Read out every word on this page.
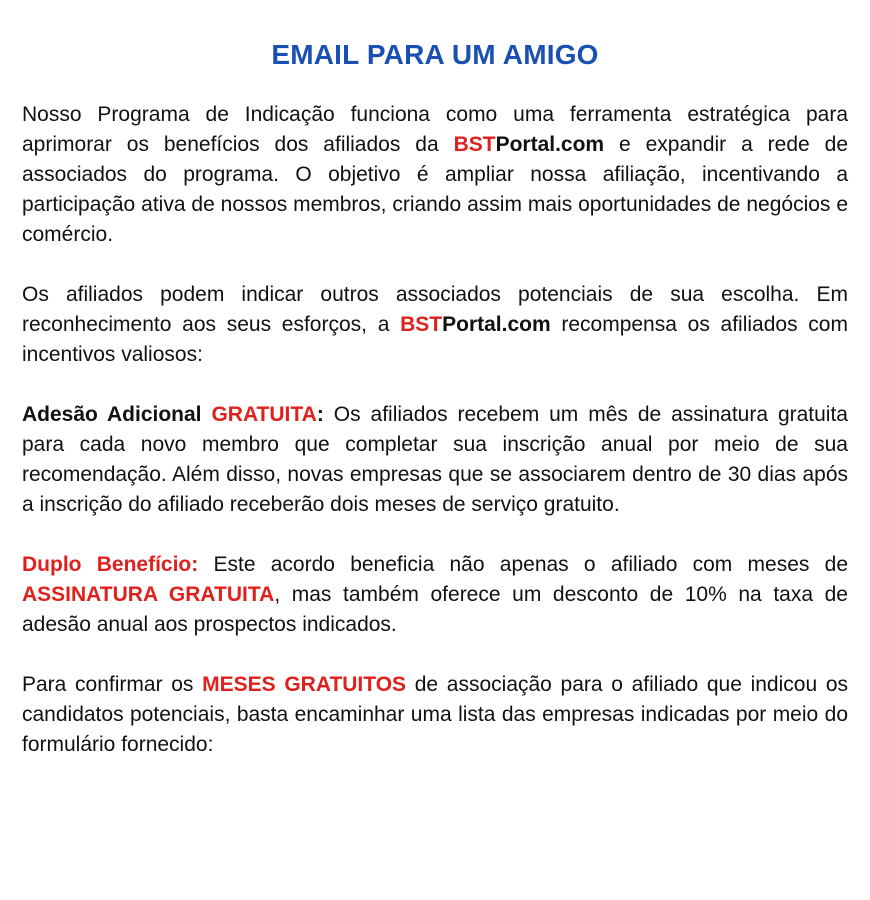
EMAIL PARA UM AMIGO

Nosso Programa de Indicação funciona como uma ferramenta estratégica para aprimorar os benefícios dos afiliados da BSTPortal.com e expandir a rede de associados do programa. O objetivo é ampliar nossa afiliação, incentivando a participação ativa de nossos membros, criando assim mais oportunidades de negócios e comércio.

Os afiliados podem indicar outros associados potenciais de sua escolha. Em reconhecimento aos seus esforços, a BSTPortal.com recompensa os afiliados com incentivos valiosos:

Adesão Adicional GRATUITA: Os afiliados recebem um mês de assinatura gratuita para cada novo membro que completar sua inscrição anual por meio de sua recomendação. Além disso, novas empresas que se associarem dentro de 30 dias após a inscrição do afiliado receberão dois meses de serviço gratuito.

Duplo Benefício: Este acordo beneficia não apenas o afiliado com meses de ASSINATURA GRATUITA, mas também oferece um desconto de 10% na taxa de adesão anual aos prospectos indicados.

Para confirmar os MESES GRATUITOS de associação para o afiliado que indicou os candidatos potenciais, basta encaminhar uma lista das empresas indicadas por meio do formulário fornecido:
